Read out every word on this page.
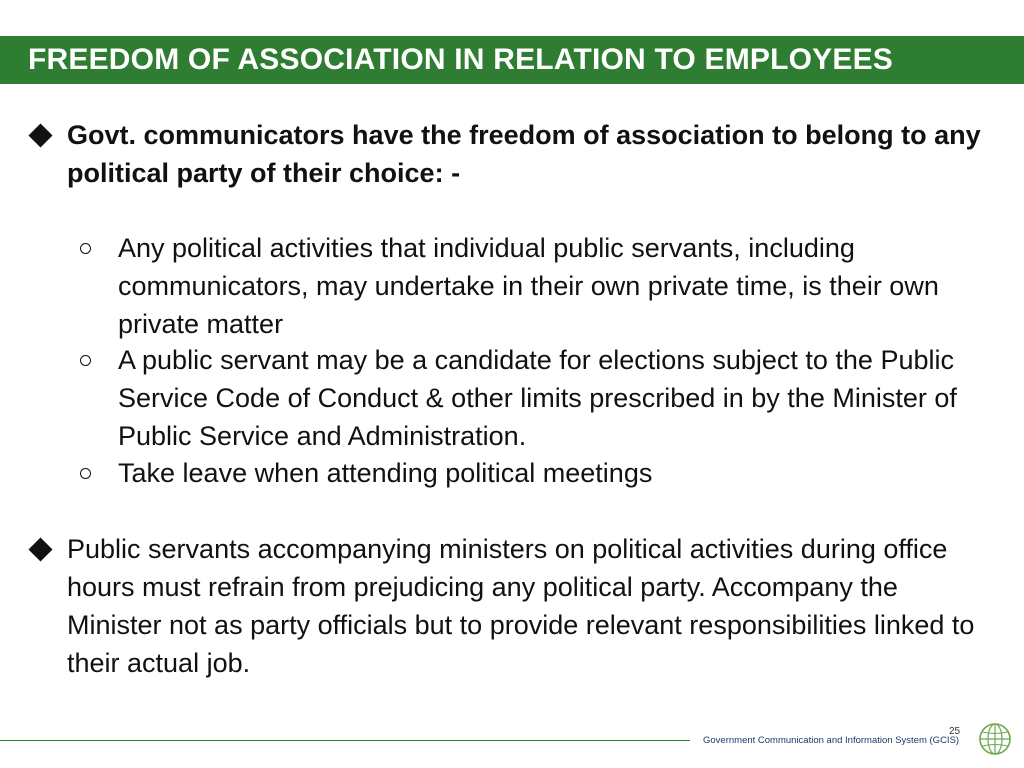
FREEDOM OF ASSOCIATION IN RELATION TO EMPLOYEES
Govt. communicators have the freedom of association to belong to any political party of their choice: -
Any political activities that individual public servants, including communicators, may undertake in their own private time, is their own private matter
A public servant may be a candidate for elections subject to the Public Service Code of Conduct & other limits prescribed in by the Minister of Public Service and Administration.
Take leave when attending political meetings
Public servants accompanying ministers on political activities during office hours must refrain from prejudicing any political party. Accompany the Minister not as party officials but to provide relevant responsibilities linked to their actual job.
Government Communication and Information System (GCIS)
25
